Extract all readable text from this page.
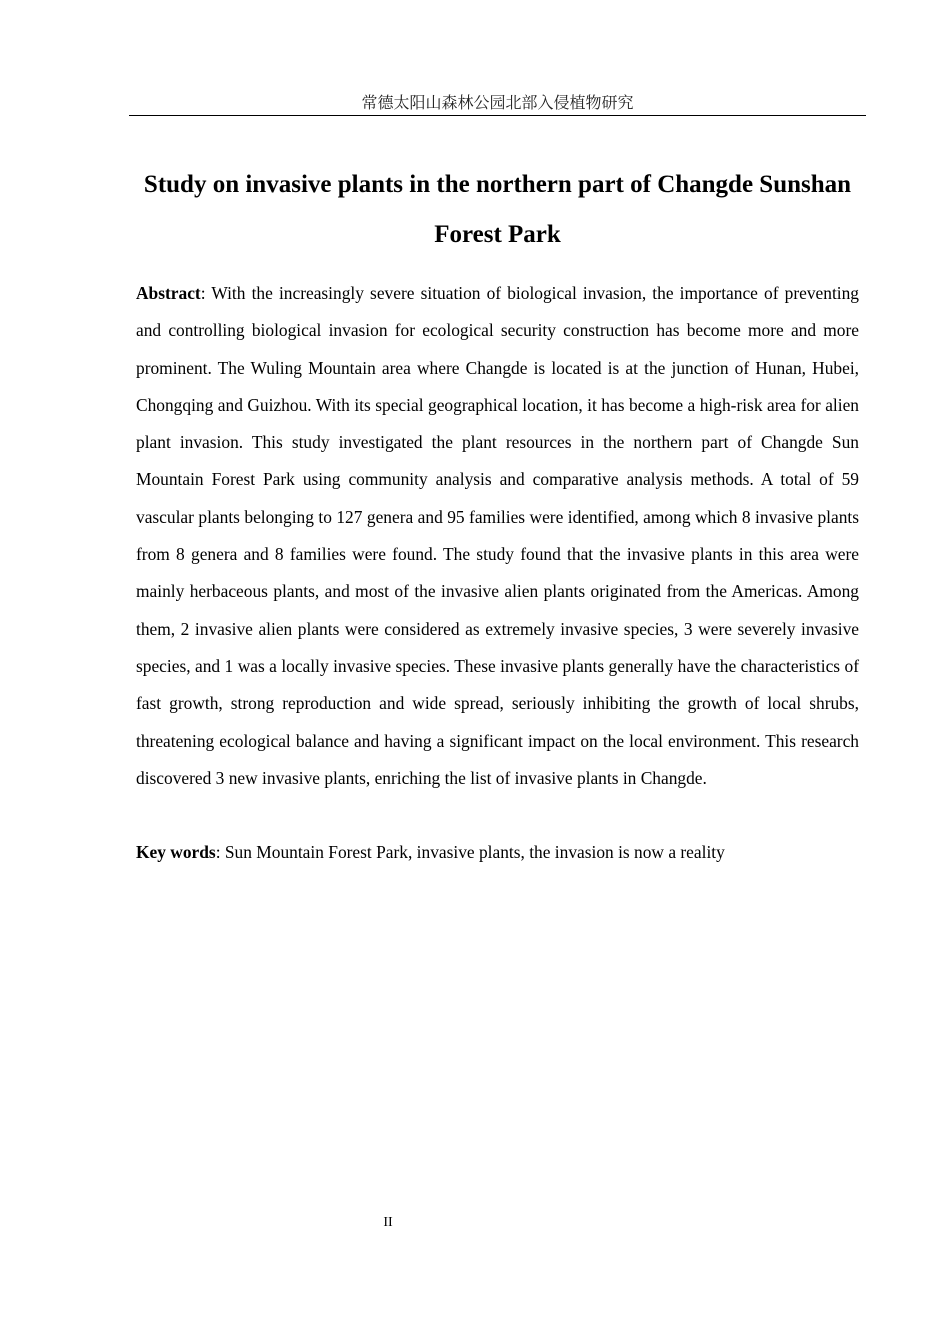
常德太阳山森林公园北部入侵植物研究
Study on invasive plants in the northern part of Changde Sunshan Forest Park

Abstract: With the increasingly severe situation of biological invasion, the importance of preventing and controlling biological invasion for ecological security construction has become more and more prominent. The Wuling Mountain area where Changde is located is at the junction of Hunan, Hubei, Chongqing and Guizhou. With its special geographical location, it has become a high-risk area for alien plant invasion. This study investigated the plant resources in the northern part of Changde Sun Mountain Forest Park using community analysis and comparative analysis methods. A total of 59 vascular plants belonging to 127 genera and 95 families were identified, among which 8 invasive plants from 8 genera and 8 families were found. The study found that the invasive plants in this area were mainly herbaceous plants, and most of the invasive alien plants originated from the Americas. Among them, 2 invasive alien plants were considered as extremely invasive species, 3 were severely invasive species, and 1 was a locally invasive species. These invasive plants generally have the characteristics of fast growth, strong reproduction and wide spread, seriously inhibiting the growth of local shrubs, threatening ecological balance and having a significant impact on the local environment. This research discovered 3 new invasive plants, enriching the list of invasive plants in Changde.

Key words: Sun Mountain Forest Park, invasive plants, the invasion is now a reality

II
